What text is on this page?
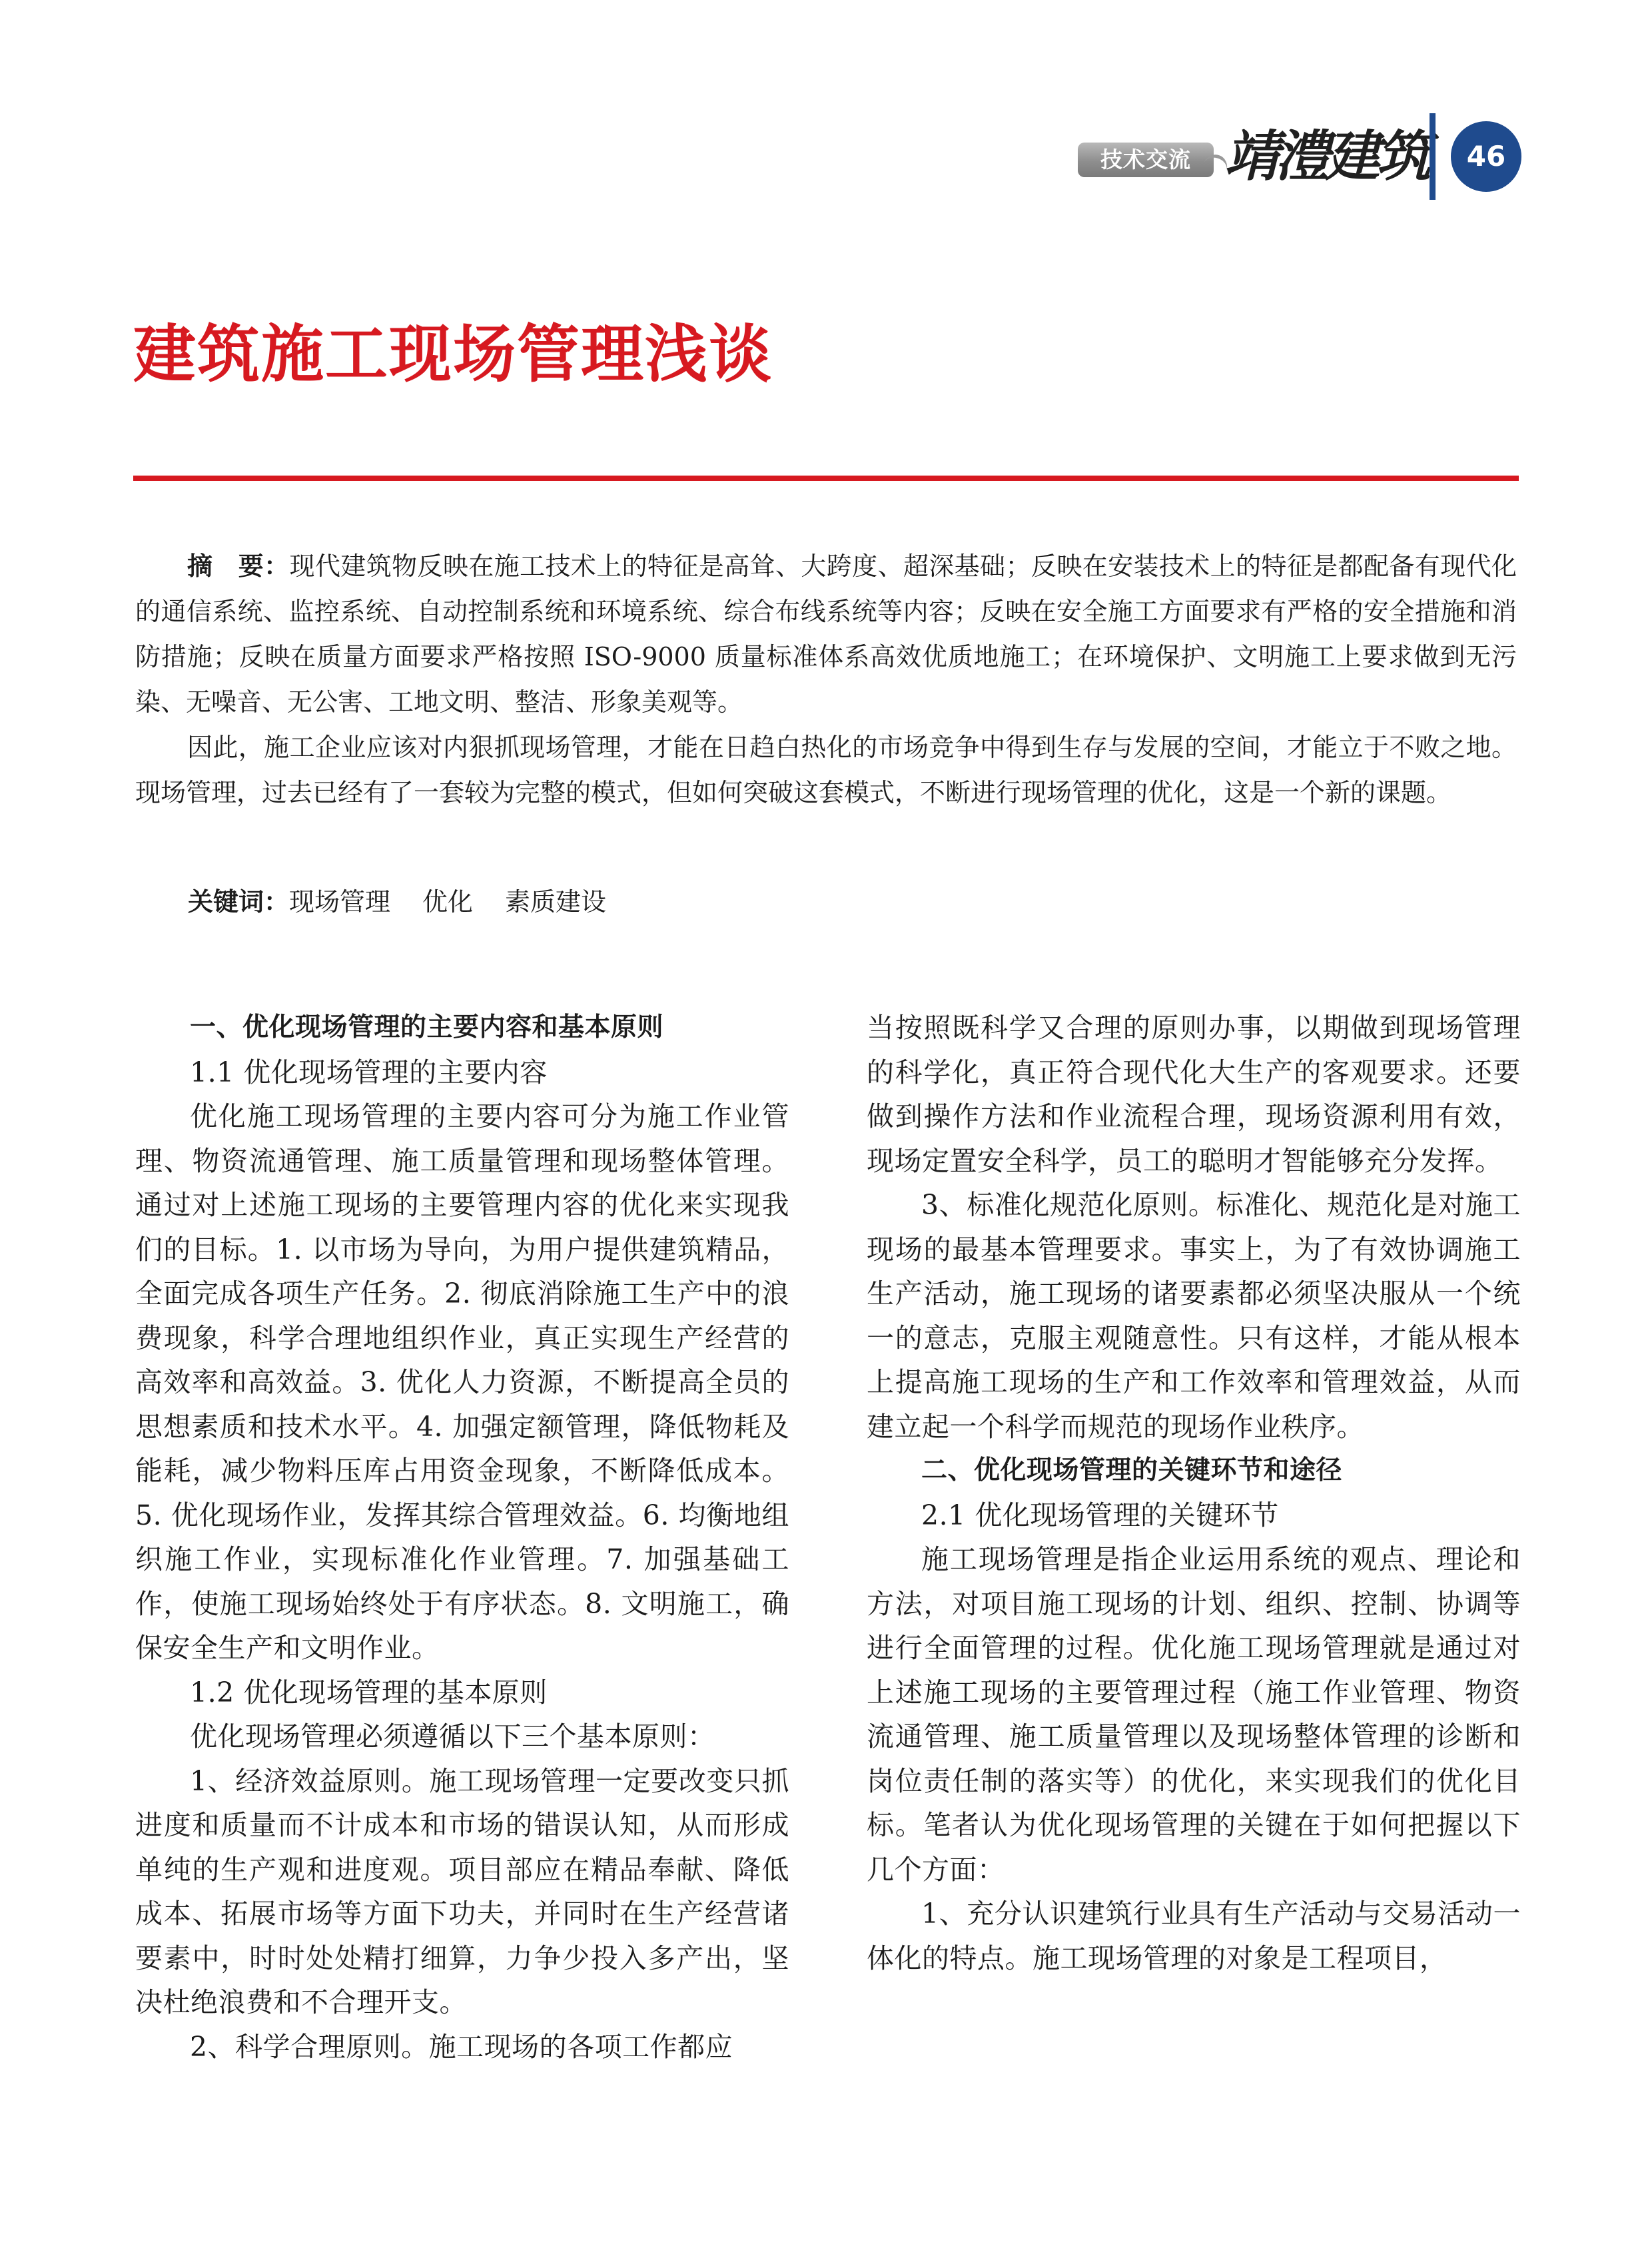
技术交流 靖澧建筑	46
建筑施工现场管理浅谈

摘　要：现代建筑物反映在施工技术上的特征是高耸、大跨度、超深基础；反映在安装技术上的特征是都配备有现代化的通信系统、监控系统、自动控制系统和环境系统、综合布线系统等内容；反映在安全施工方面要求有严格的安全措施和消防措施；反映在质量方面要求严格按照 ISO-9000 质量标准体系高效优质地施工；在环境保护、文明施工上要求做到无污染、无噪音、无公害、工地文明、整洁、形象美观等。

因此，施工企业应该对内狠抓现场管理，才能在日趋白热化的市场竞争中得到生存与发展的空间，才能立于不败之地。现场管理，过去已经有了一套较为完整的模式，但如何突破这套模式，不断进行现场管理的优化，这是一个新的课题。

关键词：现场管理 优化 素质建设

一、优化现场管理的主要内容和基本原则

1.1 优化现场管理的主要内容

优化施工现场管理的主要内容可分为施工作业管理、物资流通管理、施工质量管理和现场整体管理。通过对上述施工现场的主要管理内容的优化来实现我们的目标。1. 以市场为导向，为用户提供建筑精品，全面完成各项生产任务。2. 彻底消除施工生产中的浪费现象，科学合理地组织作业，真正实现生产经营的高效率和高效益。3. 优化人力资源，不断提高全员的思想素质和技术水平。4. 加强定额管理，降低物耗及能耗，减少物料压库占用资金现象，不断降低成本。5. 优化现场作业，发挥其综合管理效益。6. 均衡地组织施工作业，实现标准化作业管理。7. 加强基础工作，使施工现场始终处于有序状态。8. 文明施工，确保安全生产和文明作业。

1.2 优化现场管理的基本原则

优化现场管理必须遵循以下三个基本原则：

1、经济效益原则。施工现场管理一定要改变只抓进度和质量而不计成本和市场的错误认知，从而形成单纯的生产观和进度观。项目部应在精品奉献、降低成本、拓展市场等方面下功夫，并同时在生产经营诸要素中，时时处处精打细算，力争少投入多产出，坚决杜绝浪费和不合理开支。

2、科学合理原则。施工现场的各项工作都应

当按照既科学又合理的原则办事，以期做到现场管理的科学化，真正符合现代化大生产的客观要求。还要做到操作方法和作业流程合理，现场资源利用有效，现场定置安全科学，员工的聪明才智能够充分发挥。

3、标准化规范化原则。标准化、规范化是对施工现场的最基本管理要求。事实上，为了有效协调施工生产活动，施工现场的诸要素都必须坚决服从一个统一的意志，克服主观随意性。只有这样，才能从根本上提高施工现场的生产和工作效率和管理效益，从而建立起一个科学而规范的现场作业秩序。

二、优化现场管理的关键环节和途径

2.1 优化现场管理的关键环节

施工现场管理是指企业运用系统的观点、理论和方法，对项目施工现场的计划、组织、控制、协调等进行全面管理的过程。优化施工现场管理就是通过对上述施工现场的主要管理过程（施工作业管理、物资流通管理、施工质量管理以及现场整体管理的诊断和岗位责任制的落实等）的优化，来实现我们的优化目标。笔者认为优化现场管理的关键在于如何把握以下几个方面：

1、充分认识建筑行业具有生产活动与交易活动一体化的特点。施工现场管理的对象是工程项目，
